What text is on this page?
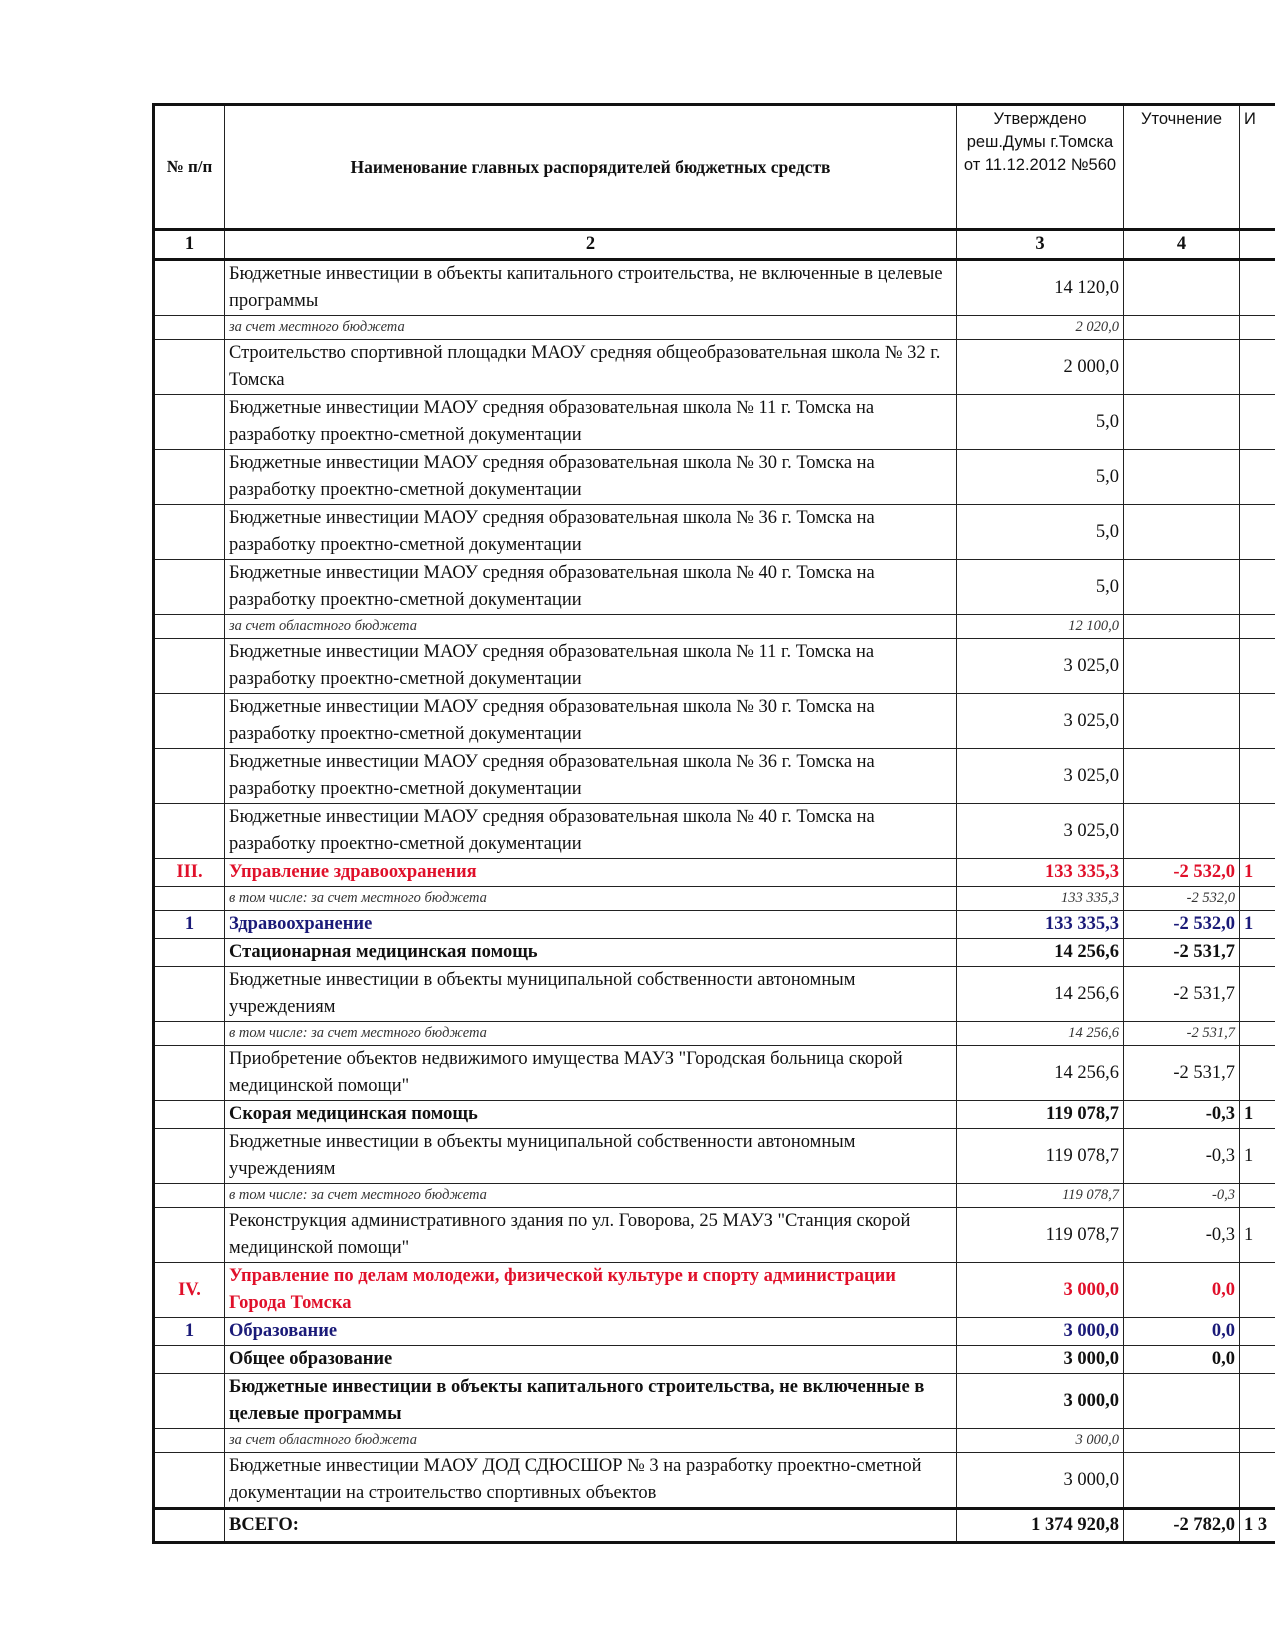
№ п/п	Наименование главных распорядителей бюджетных средств	Утверждено реш.Думы г.Томска от 11.12.2012 №560	Уточнение	И
1	2	3	4	
	Бюджетные инвестиции в объекты капитального строительства, не включенные в целевые программы	14 120,0		
	за счет местного бюджета	2 020,0		
	Строительство спортивной площадки МАОУ средняя общеобразовательная школа № 32 г. Томска	2 000,0		
	Бюджетные инвестиции МАОУ средняя образовательная школа № 11 г. Томска на разработку проектно-сметной документации	5,0		
	Бюджетные инвестиции МАОУ средняя образовательная школа № 30 г. Томска на разработку проектно-сметной документации	5,0		
	Бюджетные инвестиции МАОУ средняя образовательная школа № 36 г. Томска на разработку проектно-сметной документации	5,0		
	Бюджетные инвестиции МАОУ средняя образовательная школа № 40 г. Томска на разработку проектно-сметной документации	5,0		
	за счет областного бюджета	12 100,0		
	Бюджетные инвестиции МАОУ средняя образовательная школа № 11 г. Томска на разработку проектно-сметной документации	3 025,0		
	Бюджетные инвестиции МАОУ средняя образовательная школа № 30 г. Томска на разработку проектно-сметной документации	3 025,0		
	Бюджетные инвестиции МАОУ средняя образовательная школа № 36 г. Томска на разработку проектно-сметной документации	3 025,0		
	Бюджетные инвестиции МАОУ средняя образовательная школа № 40 г. Томска на разработку проектно-сметной документации	3 025,0		
III.	Управление здравоохранения	133 335,3	-2 532,0	1
	в том числе: за счет местного бюджета	133 335,3	-2 532,0	
1	Здравоохранение	133 335,3	-2 532,0	1
	Стационарная медицинская помощь	14 256,6	-2 531,7	
	Бюджетные инвестиции в объекты муниципальной собственности автономным учреждениям	14 256,6	-2 531,7	
	в том числе: за счет местного бюджета	14 256,6	-2 531,7	
	Приобретение объектов недвижимого имущества МАУЗ "Городская больница скорой медицинской помощи"	14 256,6	-2 531,7	
	Скорая медицинская помощь	119 078,7	-0,3	1
	Бюджетные инвестиции в объекты муниципальной собственности автономным учреждениям	119 078,7	-0,3	1
	в том числе: за счет местного бюджета	119 078,7	-0,3	
	Реконструкция административного здания по ул. Говорова, 25 МАУЗ "Станция скорой медицинской помощи"	119 078,7	-0,3	1
IV.	Управление по делам молодежи, физической культуре и спорту администрации Города Томска	3 000,0	0,0	
1	Образование	3 000,0	0,0	
	Общее образование	3 000,0	0,0	
	Бюджетные инвестиции в объекты капитального строительства, не включенные в целевые программы	3 000,0		
	за счет областного бюджета	3 000,0		
	Бюджетные инвестиции МАОУ ДОД СДЮСШОР № 3 на разработку проектно-сметной документации на строительство спортивных объектов	3 000,0		
	ВСЕГО:	1 374 920,8	-2 782,0	1 3
